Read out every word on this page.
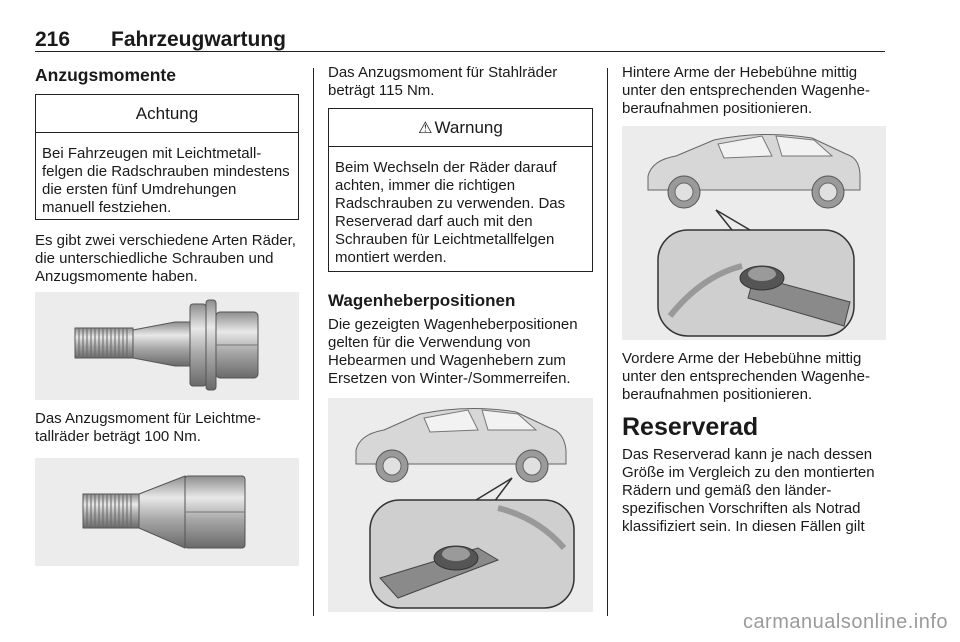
216 Fahrzeugwartung
Anzugsmomente
Achtung
Bei Fahrzeugen mit Leichtmetallfelgen die Radschrauben mindestens die ersten fünf Umdrehungen manuell festziehen.
Es gibt zwei verschiedene Arten Räder, die unterschiedliche Schrauben und Anzugsmomente haben.
Das Anzugsmoment für Leichtmetallräder beträgt 100 Nm.
Das Anzugsmoment für Stahlräder beträgt 115 Nm.
⚠ Warnung
Beim Wechseln der Räder darauf achten, immer die richtigen Radschrauben zu verwenden. Das Reserverad darf auch mit den Schrauben für Leichtmetallfelgen montiert werden.
Wagenheberpositionen
Die gezeigten Wagenheberpositionen gelten für die Verwendung von Hebearmen und Wagenhebern zum Ersetzen von Winter-/Sommerreifen.
Hintere Arme der Hebebühne mittig unter den entsprechenden Wagenheberaufnahmen positionieren.
Vordere Arme der Hebebühne mittig unter den entsprechenden Wagenheberaufnahmen positionieren.
Reserverad
Das Reserverad kann je nach dessen Größe im Vergleich zu den montierten Rädern und gemäß den länderspezifischen Vorschriften als Notrad klassifiziert sein. In diesen Fällen gilt
carmanualsonline.info
